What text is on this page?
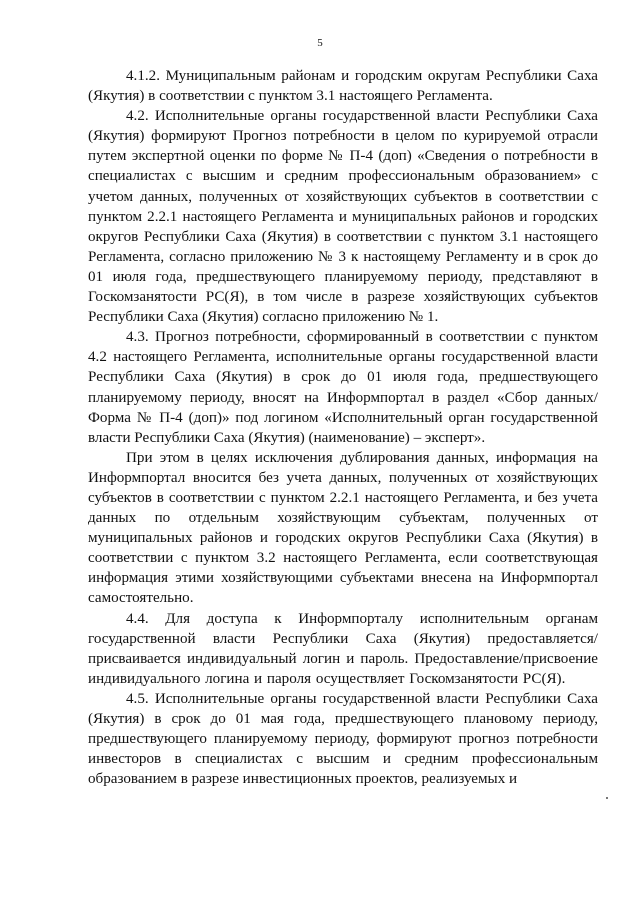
5

4.1.2. Муниципальным районам и городским округам Республики Саха (Якутия) в соответствии с пунктом 3.1 настоящего Регламента.

4.2. Исполнительные органы государственной власти Республики Саха (Якутия) формируют Прогноз потребности в целом по курируемой отрасли путем экспертной оценки по форме № П-4 (доп) «Сведения о потребности в специалистах с высшим и средним профессиональным образованием» с учетом данных, полученных от хозяйствующих субъектов в соответствии с пунктом 2.2.1 настоящего Регламента и муниципальных районов и городских округов Республики Саха (Якутия) в соответствии с пунктом 3.1 настоящего Регламента, согласно приложению № 3 к настоящему Регламенту и в срок до 01 июля года, предшествующего планируемому периоду, представляют в Госкомзанятости РС(Я), в том числе в разрезе хозяйствующих субъектов Республики Саха (Якутия) согласно приложению № 1.

4.3. Прогноз потребности, сформированный в соответствии с пунктом 4.2 настоящего Регламента, исполнительные органы государственной власти Республики Саха (Якутия) в срок до 01 июля года, предшествующего планируемому периоду, вносят на Информпортал в раздел «Сбор данных/Форма № П-4 (доп)» под логином «Исполнительный орган государственной власти Республики Саха (Якутия) (наименование) – эксперт».

При этом в целях исключения дублирования данных, информация на Информпортал вносится без учета данных, полученных от хозяйствующих субъектов в соответствии с пунктом 2.2.1 настоящего Регламента, и без учета данных по отдельным хозяйствующим субъектам, полученных от муниципальных районов и городских округов Республики Саха (Якутия) в соответствии с пунктом 3.2 настоящего Регламента, если соответствующая информация этими хозяйствующими субъектами внесена на Информпортал самостоятельно.

4.4. Для доступа к Информпорталу исполнительным органам государственной власти Республики Саха (Якутия) предоставляется/присваивается индивидуальный логин и пароль. Предоставление/присвоение индивидуального логина и пароля осуществляет Госкомзанятости РС(Я).

4.5. Исполнительные органы государственной власти Республики Саха (Якутия) в срок до 01 мая года, предшествующего плановому периоду, предшествующего планируемому периоду, формируют прогноз потребности инвесторов в специалистах с высшим и средним профессиональным образованием в разрезе инвестиционных проектов, реализуемых и
